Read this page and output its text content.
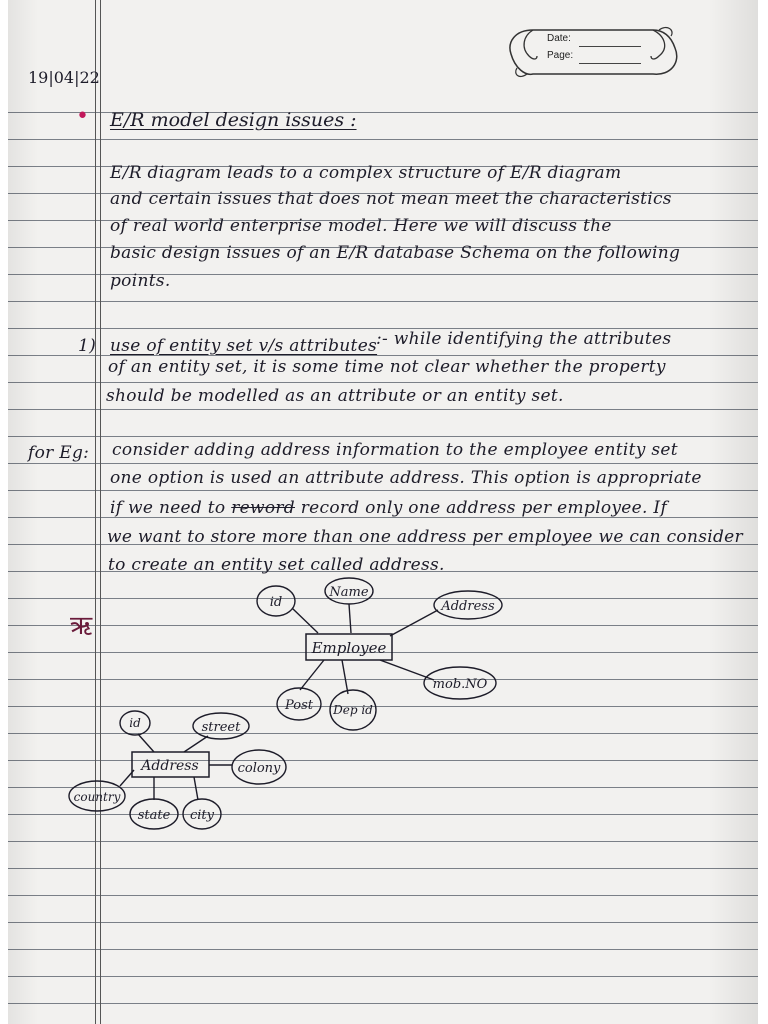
Date:
Page:
19|04|22
• E/R model design issues :
E/R diagram leads to a complex structure of E/R diagram
and certain issues that does not mean meet the characteristics
of real world enterprise model. Here we will discuss the
basic design issues of an E/R database Schema on the following
points.
1) use of entity set v/s attributes
:- while identifying the attributes
of an entity set, it is some time not clear whether the property
should be modelled as an attribute or an entity set.
for Eg: consider adding address information to the employee entity set
one option is used an attribute address. This option is appropriate
if we need to reword record only one address per employee. If
we want to store more than one address per employee we can consider
to create an entity set called address.
ऋ
Employee
id
Name
Address
mob.NO
Post Dep id
Address
id	street
colony
country
state city
